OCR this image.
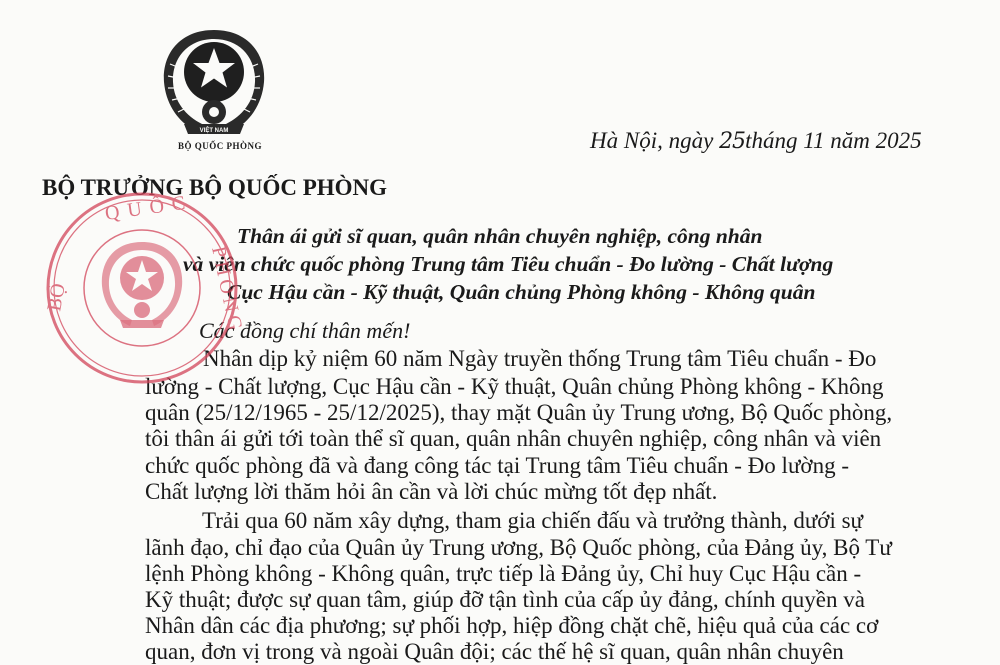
VIỆT NAM
BỘ QUỐC PHÒNG	Hà Nội, ngày 25tháng 11 năm 2025
BỘ TRƯỞNG BỘ QUỐC PHÒNG
Thân ái gửi sĩ quan, quân nhân chuyên nghiệp, công nhân
và viên chức quốc phòng Trung tâm Tiêu chuẩn - Đo lường - Chất lượng
Cục Hậu cần - Kỹ thuật, Quân chủng Phòng không - Không quân
Các đồng chí thân mến!
Nhân dịp kỷ niệm 60 năm Ngày truyền thống Trung tâm Tiêu chuẩn - Đo
lường - Chất lượng, Cục Hậu cần - Kỹ thuật, Quân chủng Phòng không - Không
quân (25/12/1965 - 25/12/2025), thay mặt Quân ủy Trung ương, Bộ Quốc phòng,
tôi thân ái gửi tới toàn thể sĩ quan, quân nhân chuyên nghiệp, công nhân và viên
chức quốc phòng đã và đang công tác tại Trung tâm Tiêu chuẩn - Đo lường -
Chất lượng lời thăm hỏi ân cần và lời chúc mừng tốt đẹp nhất.
Trải qua 60 năm xây dựng, tham gia chiến đấu và trưởng thành, dưới sự
lãnh đạo, chỉ đạo của Quân ủy Trung ương, Bộ Quốc phòng, của Đảng ủy, Bộ Tư
lệnh Phòng không - Không quân, trực tiếp là Đảng ủy, Chỉ huy Cục Hậu cần -
Kỹ thuật; được sự quan tâm, giúp đỡ tận tình của cấp ủy đảng, chính quyền và
Nhân dân các địa phương; sự phối hợp, hiệp đồng chặt chẽ, hiệu quả của các cơ
quan, đơn vị trong và ngoài Quân đội; các thế hệ sĩ quan, quân nhân chuyên
BỘ
QUỐC
PHÒNG
